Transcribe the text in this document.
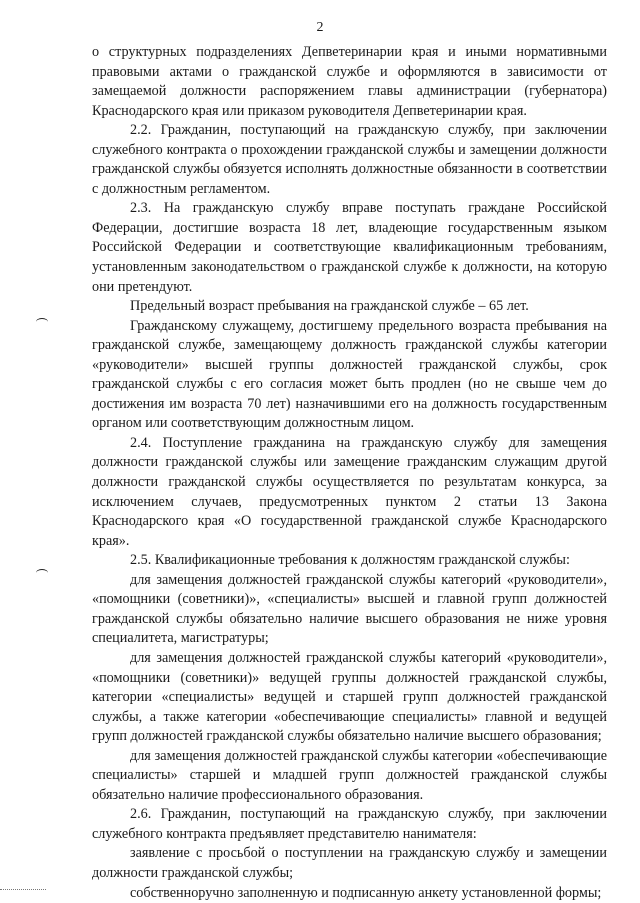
2

о структурных подразделениях Депветеринарии края и иными нормативными правовыми актами о гражданской службе и оформляются в зависимости от замещаемой должности распоряжением главы администрации (губернатора) Краснодарского края или приказом руководителя Депветеринарии края.

2.2. Гражданин, поступающий на гражданскую службу, при заключении служебного контракта о прохождении гражданской службы и замещении должности гражданской службы обязуется исполнять должностные обязанности в соответствии с должностным регламентом.

2.3. На гражданскую службу вправе поступать граждане Российской Федерации, достигшие возраста 18 лет, владеющие государственным языком Российской Федерации и соответствующие квалификационным требованиям, установленным законодательством о гражданской службе к должности, на которую они претендуют.

Предельный возраст пребывания на гражданской службе – 65 лет.

Гражданскому служащему, достигшему предельного возраста пребывания на гражданской службе, замещающему должность гражданской службы категории «руководители» высшей группы должностей гражданской службы, срок гражданской службы с его согласия может быть продлен (но не свыше чем до достижения им возраста 70 лет) назначившими его на должность государственным органом или соответствующим должностным лицом.

2.4. Поступление гражданина на гражданскую службу для замещения должности гражданской службы или замещение гражданским служащим другой должности гражданской службы осуществляется по результатам конкурса, за исключением случаев, предусмотренных пунктом 2 статьи 13 Закона Краснодарского края «О государственной гражданской службе Краснодарского края».

2.5. Квалификационные требования к должностям гражданской службы:

для замещения должностей гражданской службы категорий «руководители», «помощники (советники)», «специалисты» высшей и главной групп должностей гражданской службы обязательно наличие высшего образования не ниже уровня специалитета, магистратуры;

для замещения должностей гражданской службы категорий «руководители», «помощники (советники)» ведущей группы должностей гражданской службы, категории «специалисты» ведущей и старшей групп должностей гражданской службы, а также категории «обеспечивающие специалисты» главной и ведущей групп должностей гражданской службы обязательно наличие высшего образования;

для замещения должностей гражданской службы категории «обеспечивающие специалисты» старшей и младшей групп должностей гражданской службы обязательно наличие профессионального образования.

2.6. Гражданин, поступающий на гражданскую службу, при заключении служебного контракта предъявляет представителю нанимателя:

заявление с просьбой о поступлении на гражданскую службу и замещении должности гражданской службы;

собственноручно заполненную и подписанную анкету установленной формы;
